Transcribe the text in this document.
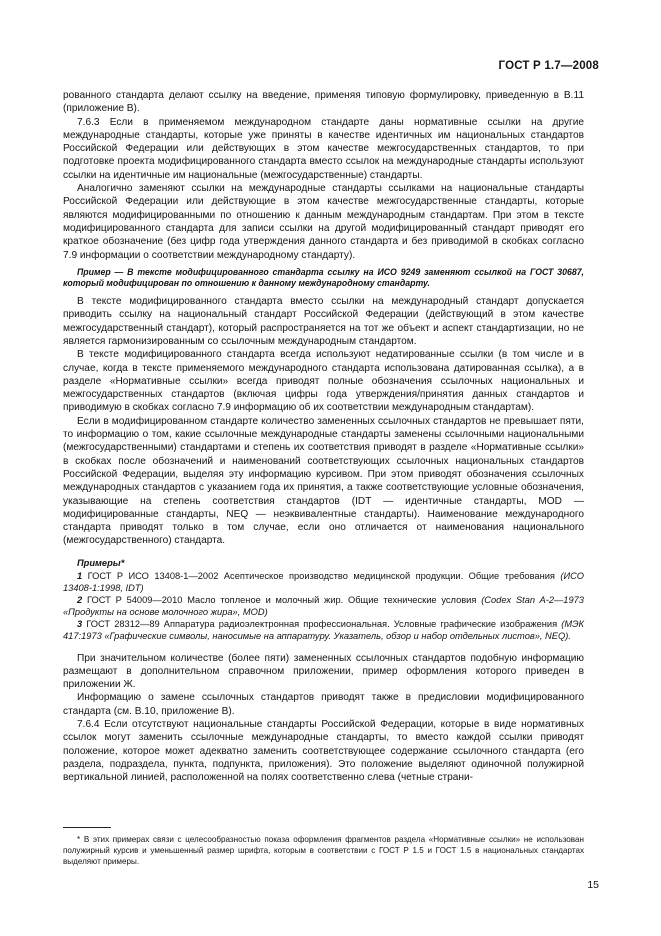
ГОСТ Р 1.7—2008

рованного стандарта делают ссылку на введение, применяя типовую формулировку, приведенную в В.11 (приложение В).

7.6.3 Если в применяемом международном стандарте даны нормативные ссылки на другие международные стандарты, которые уже приняты в качестве идентичных им национальных стандартов Российской Федерации или действующих в этом качестве межгосударственных стандартов, то при подготовке проекта модифицированного стандарта вместо ссылок на международные стандарты используют ссылки на идентичные им национальные (межгосударственные) стандарты.

Аналогично заменяют ссылки на международные стандарты ссылками на национальные стандарты Российской Федерации или действующие в этом качестве межгосударственные стандарты, которые являются модифицированными по отношению к данным международным стандартам. При этом в тексте модифицированного стандарта для записи ссылки на другой модифицированный стандарт приводят его краткое обозначение (без цифр года утверждения данного стандарта и без приводимой в скобках согласно 7.9 информации о соответствии международному стандарту).

Пример — В тексте модифицированного стандарта ссылку на ИСО 9249 заменяют ссылкой на ГОСТ 30687, который модифицирован по отношению к данному международному стандарту.

В тексте модифицированного стандарта вместо ссылки на международный стандарт допускается приводить ссылку на национальный стандарт Российской Федерации (действующий в этом качестве межгосударственный стандарт), который распространяется на тот же объект и аспект стандартизации, но не является гармонизированным со ссылочным международным стандартом.

В тексте модифицированного стандарта всегда используют недатированные ссылки (в том числе и в случае, когда в тексте применяемого международного стандарта использована датированная ссылка), а в разделе «Нормативные ссылки» всегда приводят полные обозначения ссылочных национальных и межгосударственных стандартов (включая цифры года утверждения/принятия данных стандартов и приводимую в скобках согласно 7.9 информацию об их соответствии международным стандартам).

Если в модифицированном стандарте количество замененных ссылочных стандартов не превышает пяти, то информацию о том, какие ссылочные международные стандарты заменены ссылочными национальными (межгосударственными) стандартами и степень их соответствия приводят в разделе «Нормативные ссылки» в скобках после обозначений и наименований соответствующих ссылочных национальных стандартов Российской Федерации, выделяя эту информацию курсивом. При этом приводят обозначения ссылочных международных стандартов с указанием года их принятия, а также соответствующие условные обозначения, указывающие на степень соответствия стандартов (IDT — идентичные стандарты, MOD — модифицированные стандарты, NEQ — неэквивалентные стандарты). Наименование международного стандарта приводят только в том случае, если оно отличается от наименования национального (межгосударственного) стандарта.

Примеры*

1 ГОСТ Р ИСО 13408-1—2002 Асептическое производство медицинской продукции. Общие требования (ИСО 13408-1:1998, IDT)

2 ГОСТ Р 54009—2010 Масло топленое и молочный жир. Общие технические условия (Codex Stan A-2—1973 «Продукты на основе молочного жира», MOD)

3 ГОСТ 28312—89 Аппаратура радиоэлектронная профессиональная. Условные графические изображения (МЭК 417:1973 «Графические символы, наносимые на аппаратуру. Указатель, обзор и набор отдельных листов», NEQ).

При значительном количестве (более пяти) замененных ссылочных стандартов подобную информацию размещают в дополнительном справочном приложении, пример оформления которого приведен в приложении Ж.

Информацию о замене ссылочных стандартов приводят также в предисловии модифицированного стандарта (см. В.10, приложение В).

7.6.4 Если отсутствуют национальные стандарты Российской Федерации, которые в виде нормативных ссылок могут заменить ссылочные международные стандарты, то вместо каждой ссылки приводят положение, которое может адекватно заменить соответствующее содержание ссылочного стандарта (его раздела, подраздела, пункта, подпункта, приложения). Это положение выделяют одиночной полужирной вертикальной линией, расположенной на полях соответственно слева (четные страни-

* В этих примерах связи с целесообразностью показа оформления фрагментов раздела «Нормативные ссылки» не использован полужирный курсив и уменьшенный размер шрифта, которым в соответствии с ГОСТ Р 1.5 и ГОСТ 1.5 в национальных стандартах выделяют примеры.
15
